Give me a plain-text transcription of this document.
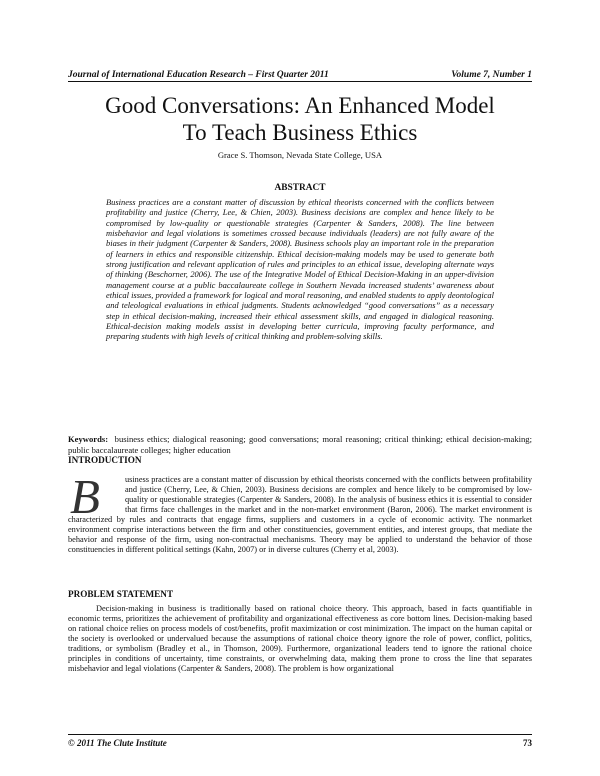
Journal of International Education Research – First Quarter 2011	Volume 7, Number 1
Good Conversations: An Enhanced Model
To Teach Business Ethics
Grace S. Thomson, Nevada State College, USA
ABSTRACT

Business practices are a constant matter of discussion by ethical theorists concerned with the conflicts between profitability and justice (Cherry, Lee, & Chien, 2003). Business decisions are complex and hence likely to be compromised by low-quality or questionable strategies (Carpenter & Sanders, 2008). The line between misbehavior and legal violations is sometimes crossed because individuals (leaders) are not fully aware of the biases in their judgment (Carpenter & Sanders, 2008). Business schools play an important role in the preparation of learners in ethics and responsible citizenship. Ethical decision-making models may be used to generate both strong justification and relevant application of rules and principles to an ethical issue, developing alternate ways of thinking (Beschorner, 2006). The use of the Integrative Model of Ethical Decision-Making in an upper-division management course at a public baccalaureate college in Southern Nevada increased students’ awareness about ethical issues, provided a framework for logical and moral reasoning, and enabled students to apply deontological and teleological evaluations in ethical judgments. Students acknowledged “good conversations” as a necessary step in ethical decision-making, increased their ethical assessment skills, and engaged in dialogical reasoning. Ethical-decision making models assist in developing better curricula, improving faculty performance, and preparing students with high levels of critical thinking and problem-solving skills.

Keywords: business ethics; dialogical reasoning; good conversations; moral reasoning; critical thinking; ethical decision-making; public baccalaureate colleges; higher education

INTRODUCTION
B	usiness practices are a constant matter of discussion by ethical theorists concerned with the conflicts between profitability and justice (Cherry, Lee, & Chien, 2003). Business decisions are complex and hence likely to be compromised by low-quality or questionable strategies (Carpenter & Sanders, 2008). In the analysis of business ethics it is essential to consider that firms face challenges in the market and in the non-market environment (Baron, 2006). The market environment is characterized by rules and contracts that engage firms, suppliers and customers in a cycle of economic activity. The nonmarket environment comprise interactions between the firm and other constituencies, government entities, and interest groups, that mediate the behavior and response of the firm, using non-contractual mechanisms. Theory may be applied to understand the behavior of those constituencies in different political settings (Kahn, 2007) or in diverse cultures (Cherry et al, 2003).

PROBLEM STATEMENT

Decision-making in business is traditionally based on rational choice theory. This approach, based in facts quantifiable in economic terms, prioritizes the achievement of profitability and organizational effectiveness as core bottom lines. Decision-making based on rational choice relies on process models of cost/benefits, profit maximization or cost minimization. The impact on the human capital or the society is overlooked or undervalued because the assumptions of rational choice theory ignore the role of power, conflict, politics, traditions, or symbolism (Bradley et al., in Thomson, 2009). Furthermore, organizational leaders tend to ignore the rational choice principles in conditions of uncertainty, time constraints, or overwhelming data, making them prone to cross the line that separates misbehavior and legal violations (Carpenter & Sanders, 2008). The problem is how organizational

© 2011 The Clute Institute	73
